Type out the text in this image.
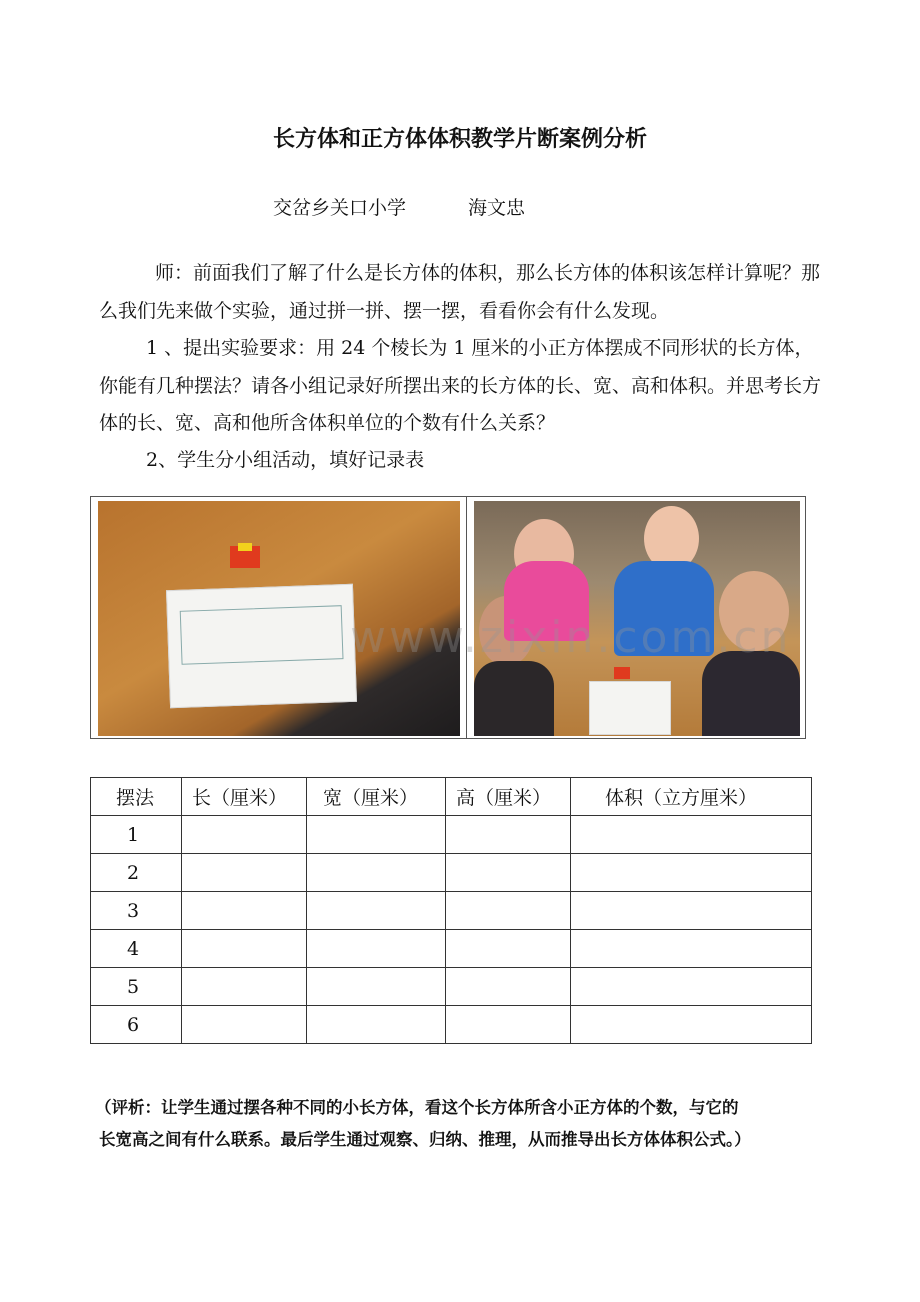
长方体和正方体体积教学片断案例分析
交岔乡关口小学	海文忠
师：前面我们了解了什么是长方体的体积，那么长方体的体积该怎样计算呢？那么我们先来做个实验，通过拼一拼、摆一摆，看看你会有什么发现。
1 、提出实验要求：用 24 个棱长为 1 厘米的小正方体摆成不同形状的长方体，你能有几种摆法？请各小组记录好所摆出来的长方体的长、宽、高和体积。并思考长方体的长、宽、高和他所含体积单位的个数有什么关系？
2、学生分小组活动，填好记录表
www.zixin.com.cn
摆法	长（厘米）	宽（厘米）	高（厘米）	体积（立方厘米）
1				
2				
3				
4				
5				
6				
（评析：让学生通过摆各种不同的小长方体，看这个长方体所含小正方体的个数，与它的
长宽高之间有什么联系。最后学生通过观察、归纳、推理，从而推导出长方体体积公式。）
